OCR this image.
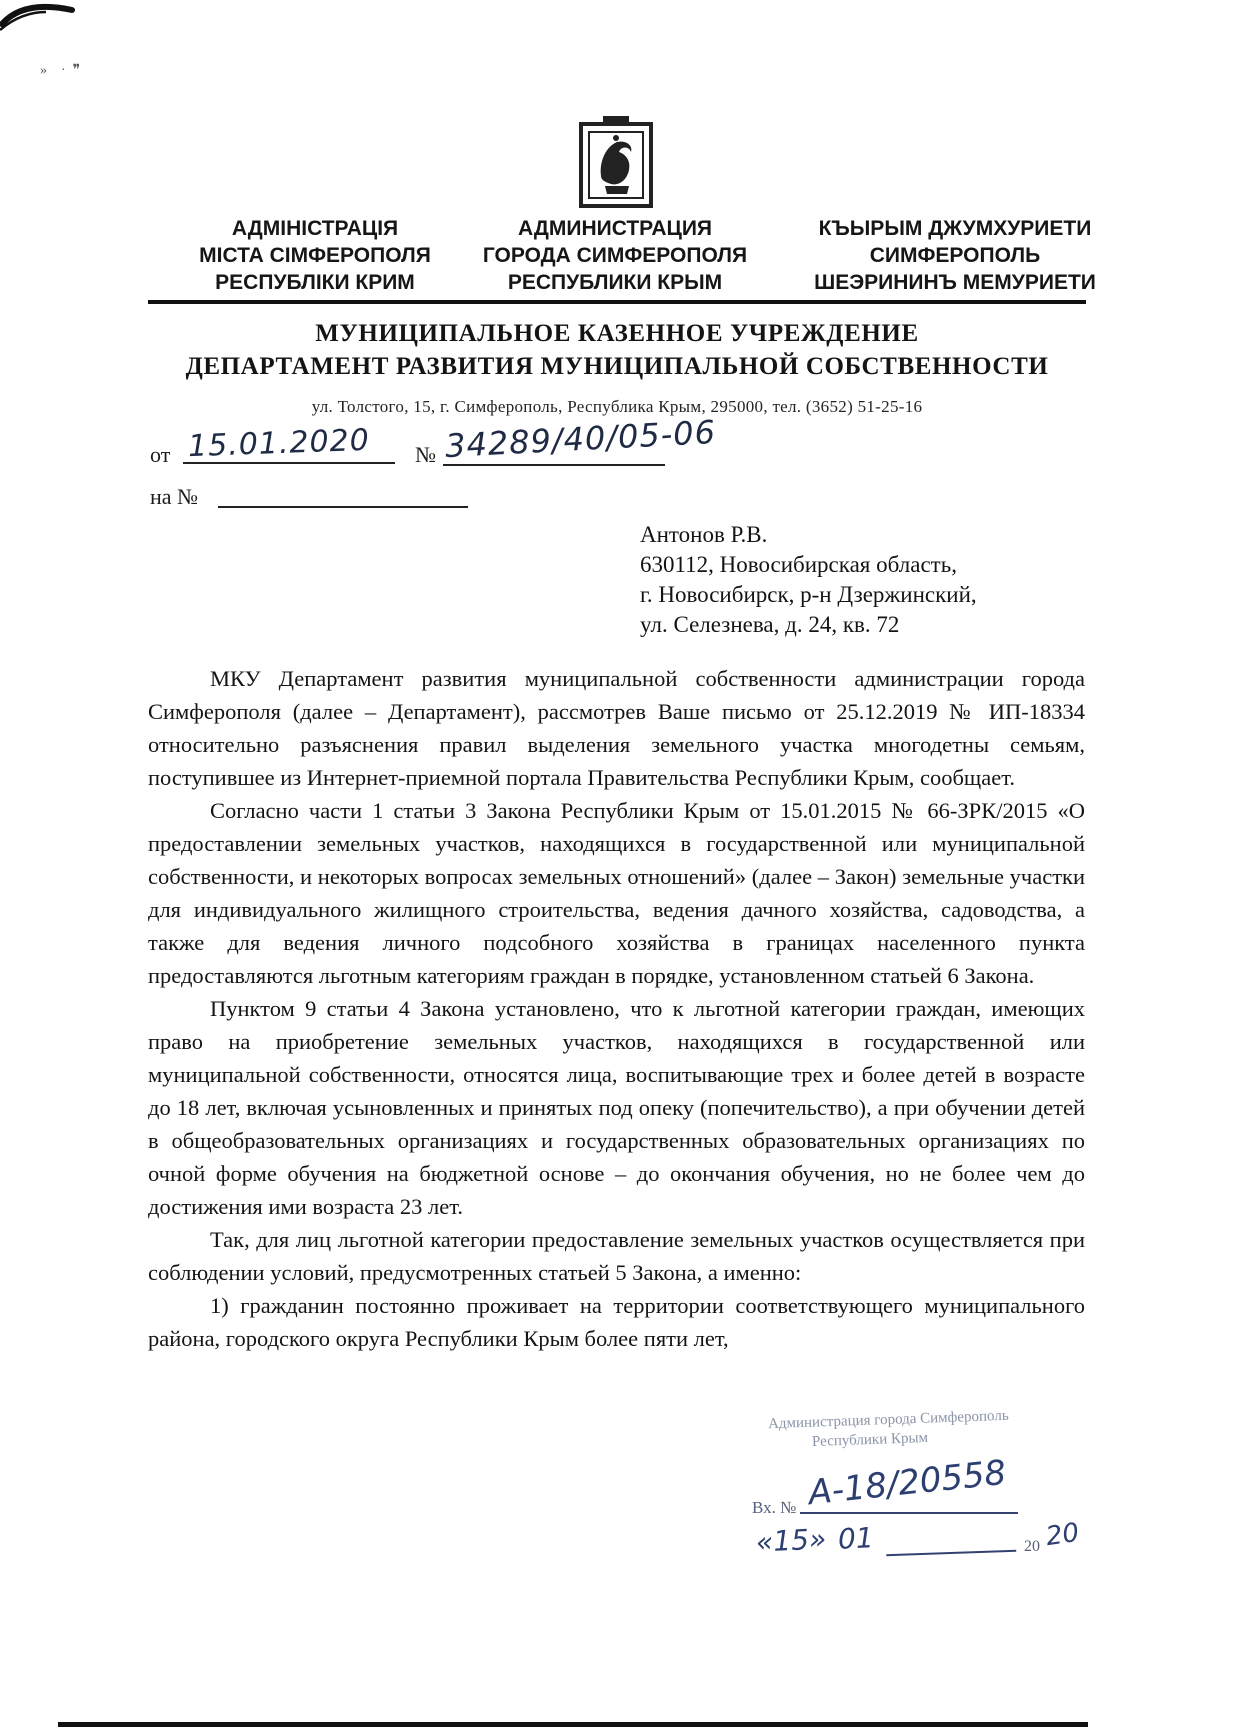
»    ·  ❞
АДМІНІСТРАЦІЯ
МІСТА СІМФЕРОПОЛЯ
РЕСПУБЛІКИ КРИМ
АДМИНИСТРАЦИЯ
ГОРОДА СИМФЕРОПОЛЯ
РЕСПУБЛИКИ КРЫМ
КЪЫРЫМ ДЖУМХУРИЕТИ
СИМФЕРОПОЛЬ
ШЕЭРИНИНЪ МЕМУРИЕТИ
МУНИЦИПАЛЬНОЕ КАЗЕННОЕ УЧРЕЖДЕНИЕ
ДЕПАРТАМЕНТ РАЗВИТИЯ МУНИЦИПАЛЬНОЙ СОБСТВЕННОСТИ
ул. Толстого, 15, г. Симферополь, Республика Крым, 295000, тел. (3652) 51-25-16
от 15.01.2020 № 34289/40/05-06
на №
Антонов Р.В.
630112, Новосибирская область,
г. Новосибирск, р-н Дзержинский,
ул. Селезнева, д. 24, кв. 72

МКУ Департамент развития муниципальной собственности администрации города Симферополя (далее – Департамент), рассмотрев Ваше письмо от 25.12.2019 № ИП-18334 относительно разъяснения правил выделения земельного участка многодетны семьям, поступившее из Интернет-приемной портала Правительства Республики Крым, сообщает.

Согласно части 1 статьи 3 Закона Республики Крым от 15.01.2015 № 66-ЗРК/2015 «О предоставлении земельных участков, находящихся в государственной или муниципальной собственности, и некоторых вопросах земельных отношений» (далее – Закон) земельные участки для индивидуального жилищного строительства, ведения дачного хозяйства, садоводства, а также для ведения личного подсобного хозяйства в границах населенного пункта предоставляются льготным категориям граждан в порядке, установленном статьей 6 Закона.

Пунктом 9 статьи 4 Закона установлено, что к льготной категории граждан, имеющих право на приобретение земельных участков, находящихся в государственной или муниципальной собственности, относятся лица, воспитывающие трех и более детей в возрасте до 18 лет, включая усыновленных и принятых под опеку (попечительство), а при обучении детей в общеобразовательных организациях и государственных образовательных организациях по очной форме обучения на бюджетной основе – до окончания обучения, но не более чем до достижения ими возраста 23 лет.

Так, для лиц льготной категории предоставление земельных участков осуществляется при соблюдении условий, предусмотренных статьей 5 Закона, а именно:

1) гражданин постоянно проживает на территории соответствующего муниципального района, городского округа Республики Крым более пяти лет,

Администрация города Симферополь
Республики Крым
Вх. № А-18/20558
«15» 01	20 20
